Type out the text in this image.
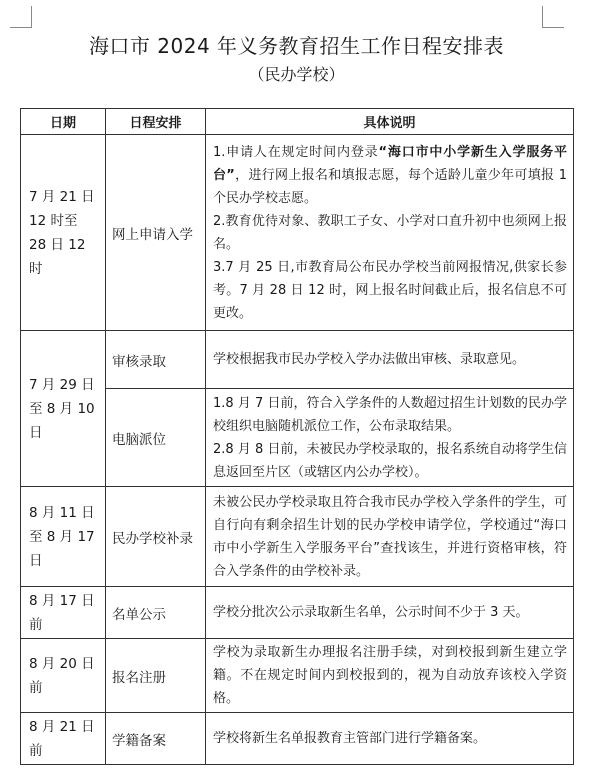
海口市 2024 年义务教育招生工作日程安排表
（民办学校）
日期	日程安排	具体说明
7 月 21 日 12 时至 28 日 12 时	网上申请入学	1.申请人在规定时间内登录“海口市中小学新生入学服务平台”，进行网上报名和填报志愿，每个适龄儿童少年可填报 1 个民办学校志愿。
2.教育优待对象、教职工子女、小学对口直升初中也须网上报名。
3.7 月 25 日,市教育局公布民办学校当前网报情况,供家长参考。7 月 28 日 12 时，网上报名时间截止后，报名信息不可更改。

7 月 29 日至 8 月 10 日	审核录取	学校根据我市民办学校入学办法做出审核、录取意见。
	电脑派位	1.8 月 7 日前，符合入学条件的人数超过招生计划数的民办学校组织电脑随机派位工作，公布录取结果。
2.8 月 8 日前，未被民办学校录取的，报名系统自动将学生信息返回至片区（或辖区内公办学校）。

8 月 11 日至 8 月 17 日	民办学校补录	未被公民办学校录取且符合我市民办学校入学条件的学生，可自行向有剩余招生计划的民办学校申请学位，学校通过“海口市中小学新生入学服务平台”查找该生，并进行资格审核，符合入学条件的由学校补录。
8 月 17 日前	名单公示	学校分批次公示录取新生名单，公示时间不少于 3 天。
8 月 20 日前	报名注册	学校为录取新生办理报名注册手续，对到校报到新生建立学籍。不在规定时间内到校报到的，视为自动放弃该校入学资格。
8 月 21 日前	学籍备案	学校将新生名单报教育主管部门进行学籍备案。
